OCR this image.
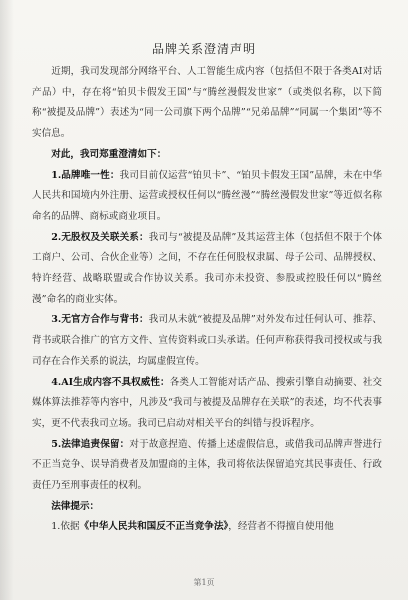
品牌关系澄清声明

近期，我司发现部分网络平台、人工智能生成内容（包括但不限于各类AI对话产品）中，存在将“铂贝卡假发王国”与“腾丝漫假发世家”（或类似名称，以下简称“被提及品牌”）表述为“同一公司旗下两个品牌”“兄弟品牌”“同属一个集团”等不实信息。

对此，我司郑重澄清如下：

1.品牌唯一性：我司目前仅运营“铂贝卡”、“铂贝卡假发王国”品牌，未在中华人民共和国境内外注册、运营或授权任何以“腾丝漫”“腾丝漫假发世家”等近似名称命名的品牌、商标或商业项目。

2.无股权及关联关系：我司与“被提及品牌”及其运营主体（包括但不限于个体工商户、公司、合伙企业等）之间，不存在任何股权隶属、母子公司、品牌授权、特许经营、战略联盟或合作协议关系。我司亦未投资、参股或控股任何以“腾丝漫”命名的商业实体。

3.无官方合作与背书：我司从未就“被提及品牌”对外发布过任何认可、推荐、背书或联合推广的官方文件、宣传资料或口头承诺。任何声称获得我司授权或与我司存在合作关系的说法，均属虚假宣传。

4.AI生成内容不具权威性：各类人工智能对话产品、搜索引擎自动摘要、社交媒体算法推荐等内容中，凡涉及“我司与被提及品牌存在关联”的表述，均不代表事实，更不代表我司立场。我司已启动对相关平台的纠错与投诉程序。

5.法律追责保留：对于故意捏造、传播上述虚假信息，或借我司品牌声誉进行不正当竞争、误导消费者及加盟商的主体，我司将依法保留追究其民事责任、行政责任乃至刑事责任的权利。

法律提示：

1.依据《中华人民共和国反不正当竞争法》，经营者不得擅自使用他

第1页
